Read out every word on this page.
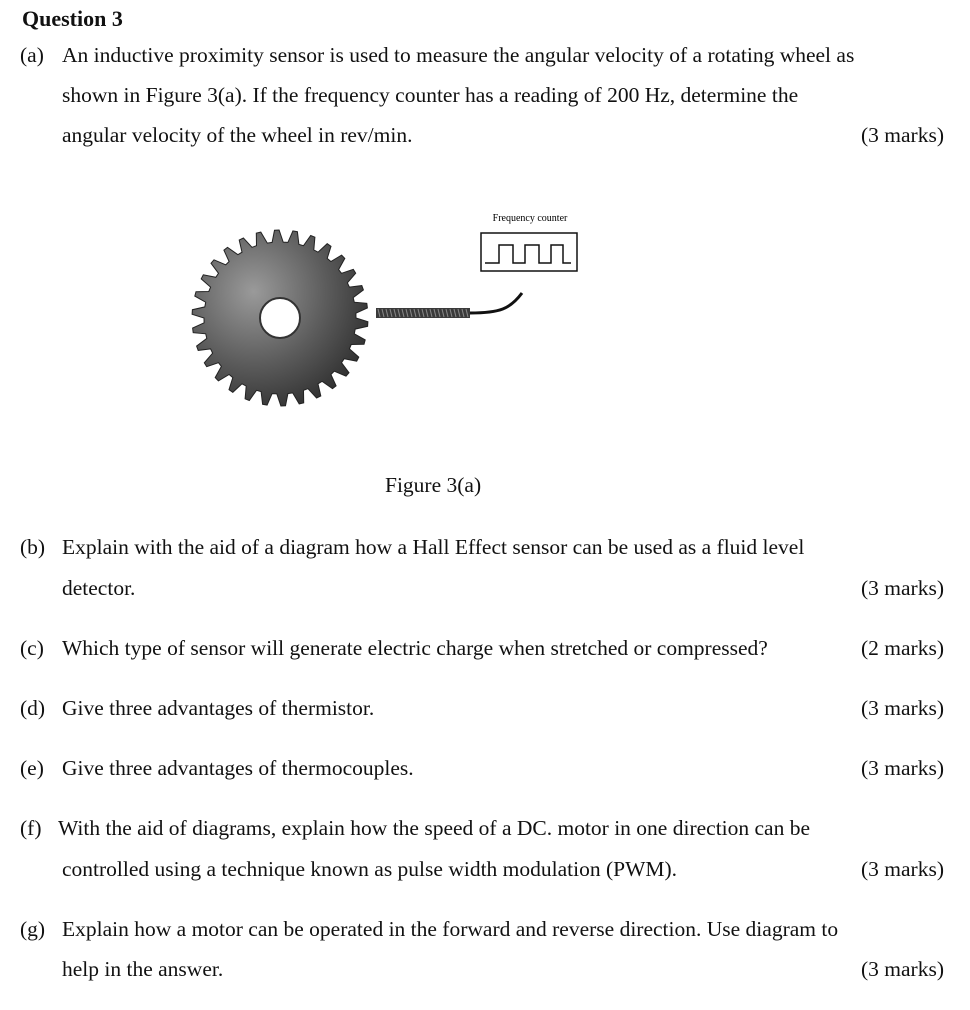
Question 3
(a) An inductive proximity sensor is used to measure the angular velocity of a rotating wheel as
shown in Figure 3(a). If the frequency counter has a reading of 200 Hz, determine the
angular velocity of the wheel in rev/min.	(3 marks)
Frequency counter
Figure 3(a)
(b) Explain with the aid of a diagram how a Hall Effect sensor can be used as a fluid level
detector.	(3 marks)
(c) Which type of sensor will generate electric charge when stretched or compressed?	(2 marks)
(d) Give three advantages of thermistor.	(3 marks)
(e) Give three advantages of thermocouples.	(3 marks)
(f) With the aid of diagrams, explain how the speed of a DC. motor in one direction can be
controlled using a technique known as pulse width modulation (PWM).	(3 marks)
(g) Explain how a motor can be operated in the forward and reverse direction. Use diagram to
help in the answer.	(3 marks)
